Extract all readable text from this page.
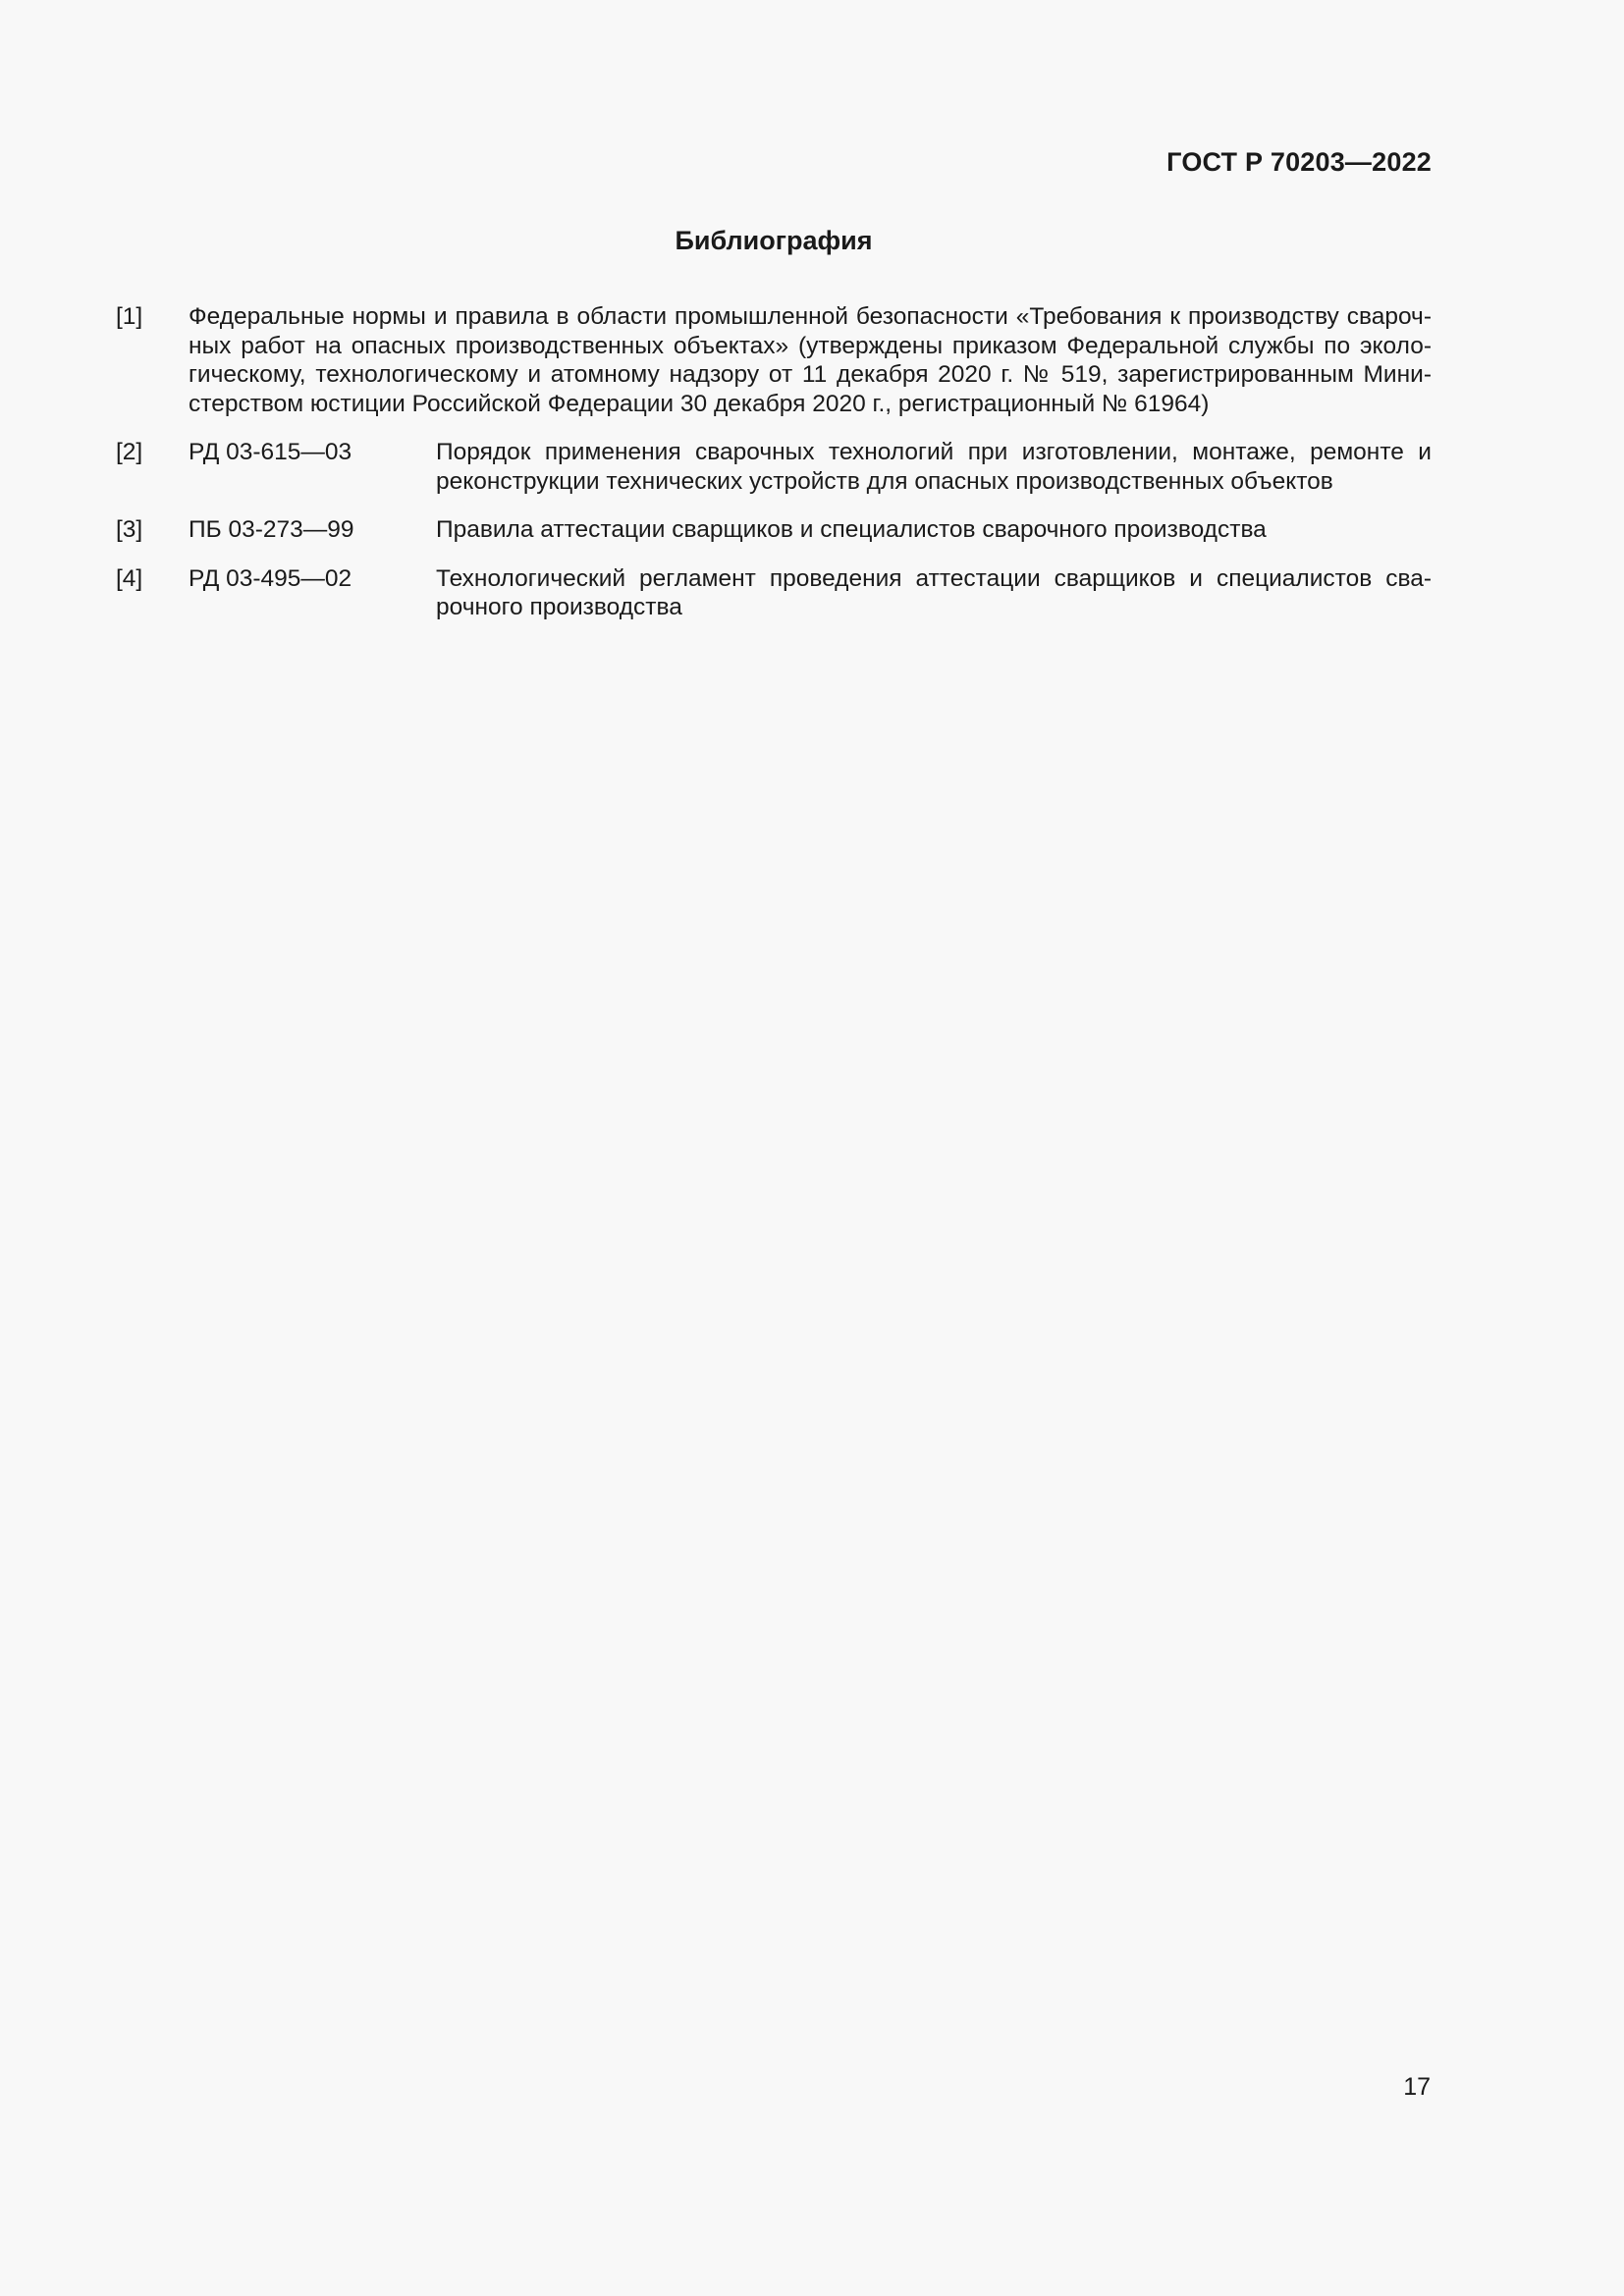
ГОСТ Р 70203—2022
Библиография
[1]	Федеральные нормы и правила в области промышленной безопасности «Требования к производству сварочных работ на опасных производственных объектах» (утверждены приказом Федеральной службы по экологическому, технологическому и атомному надзору от 11 декабря 2020 г. № 519, зарегистрированным Министерством юстиции Российской Федерации 30 декабря 2020 г., регистрационный № 61964)
[2]	РД 03-615—03	Порядок применения сварочных технологий при изготовлении, монтаже, ремонте и реконструкции технических устройств для опасных производственных объектов
[3]	ПБ 03-273—99	Правила аттестации сварщиков и специалистов сварочного производства
[4]	РД 03-495—02	Технологический регламент проведения аттестации сварщиков и специалистов сварочного производства
17
